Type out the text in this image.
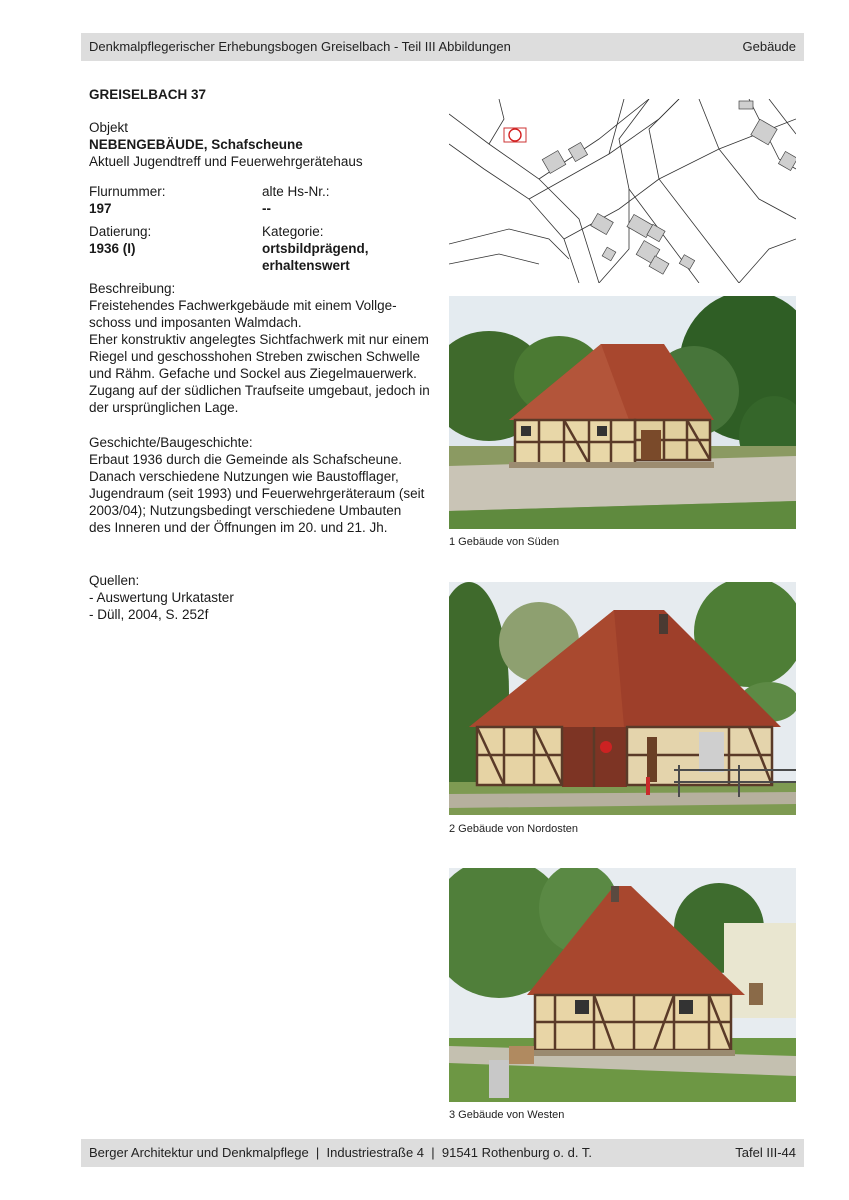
Denkmalpflegerischer Erhebungsbogen Greiselbach - Teil III Abbildungen	Gebäude
GREISELBACH 37
Objekt
NEBENGEBÄUDE, Schafscheune
Aktuell Jugendtreff und Feuerwehrgerätehaus
Flurnummer:
197
alte Hs-Nr.:
--
Datierung:
1936 (I)
Kategorie:
ortsbildprägend,
erhaltenswert
Beschreibung:
Freistehendes Fachwerkgebäude mit einem Vollge-
schoss und imposanten Walmdach.
Eher konstruktiv angelegtes Sichtfachwerk mit nur einem
Riegel und geschosshohen Streben zwischen Schwelle
und Rähm. Gefache und Sockel aus Ziegelmauerwerk.
Zugang auf der südlichen Traufseite umgebaut, jedoch in
der ursprünglichen Lage.
Geschichte/Baugeschichte:
Erbaut 1936 durch die Gemeinde als Schafscheune.
Danach verschiedene Nutzungen wie Baustofflager,
Jugendraum (seit 1993) und Feuerwehrgeräteraum (seit
2003/04); Nutzungsbedingt verschiedene Umbauten
des Inneren und der Öffnungen im 20. und 21. Jh.
Quellen:
- Auswertung Urkataster
- Düll, 2004, S. 252f
1 Gebäude von Süden
2 Gebäude von Nordosten
3 Gebäude von Westen
Berger Architektur und Denkmalpflege  |  Industriestraße 4  |  91541 Rothenburg o. d. T.	Tafel III-44
